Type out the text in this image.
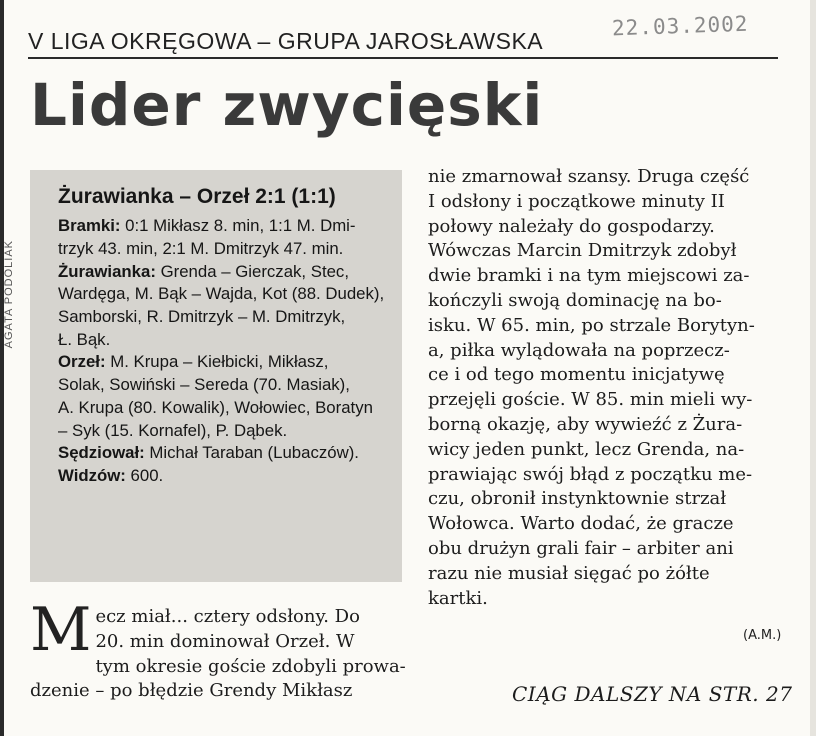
AGATA PODOLIAK
22.03.2002
V LIGA OKRĘGOWA – GRUPA JAROSŁAWSKA
Lider zwycięski
Żurawianka – Orzeł 2:1 (1:1)

Bramki: 0:1 Mikłasz 8. min, 1:1 M. Dmi-
trzyk 43. min, 2:1 M. Dmitrzyk 47. min.

Żurawianka: Grenda – Gierczak, Stec,
Wardęga, M. Bąk – Wajda, Kot (88. Dudek),
Samborski, R. Dmitrzyk – M. Dmitrzyk,
Ł. Bąk.

Orzeł: M. Krupa – Kiełbicki, Mikłasz,
Solak, Sowiński – Sereda (70. Masiak),
A. Krupa (80. Kowalik), Wołowiec, Boratyn
– Syk (15. Kornafel), P. Dąbek.

Sędziował: Michał Taraban (Lubaczów).

Widzów: 600.

M ecz miał... cztery odsłony. Do
20. min dominował Orzeł. W
tym okresie goście zdobyli prowa-
dzenie – po błędzie Grendy Mikłasz

nie zmarnował szansy. Druga część
I odsłony i początkowe minuty II
połowy należały do gospodarzy.
Wówczas Marcin Dmitrzyk zdobył
dwie bramki i na tym miejscowi za-
kończyli swoją dominację na bo-
isku. W 65. min, po strzale Borytyn-
a, piłka wylądowała na poprzecz-
ce i od tego momentu inicjatywę
przejęli goście. W 85. min mieli wy-
borną okazję, aby wywieźć z Żura-
wicy jeden punkt, lecz Grenda, na-
prawiając swój błąd z początku me-
czu, obronił instynktownie strzał
Wołowca. Warto dodać, że gracze
obu drużyn grali fair – arbiter ani
razu nie musiał sięgać po żółte
kartki.

(A.M.)
CIĄG DALSZY NA STR. 27
